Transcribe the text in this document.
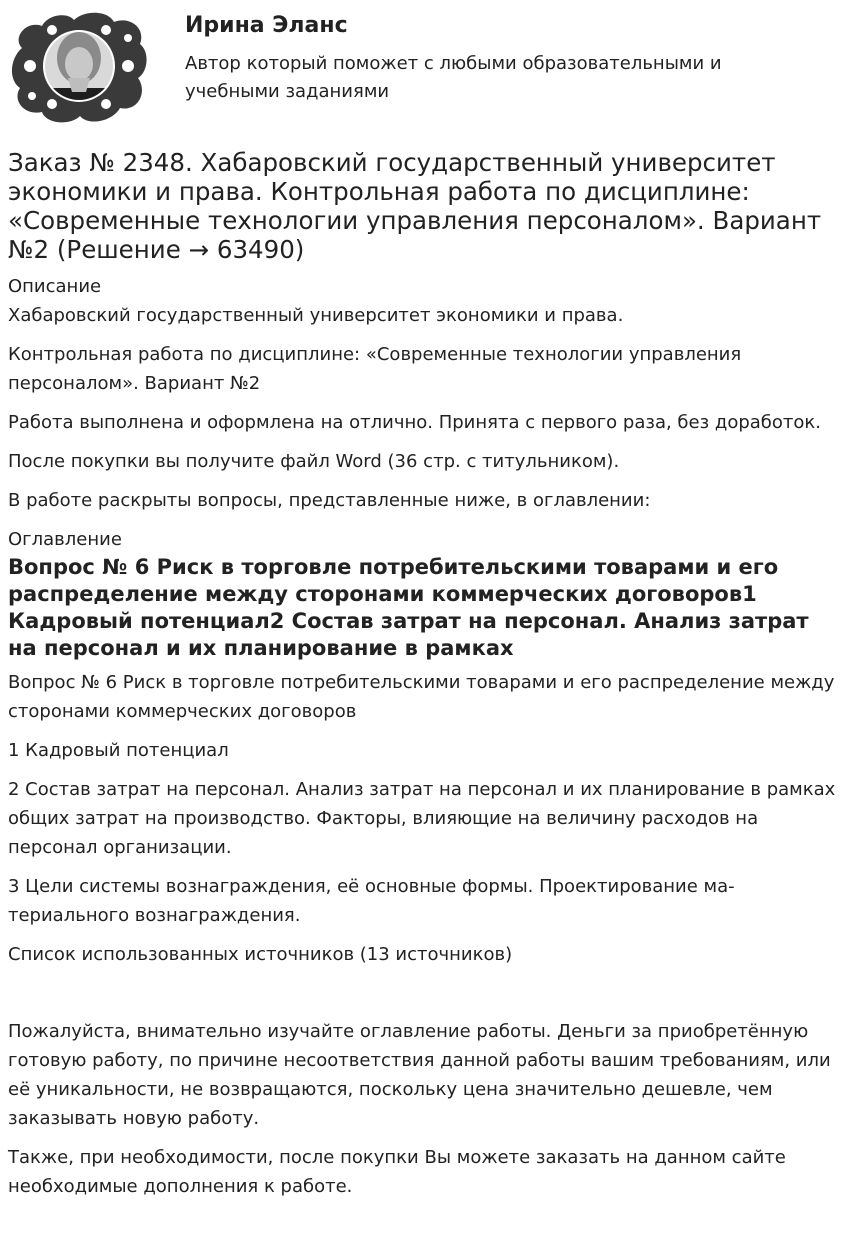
Ирина Эланс
Автор который поможет с любыми образовательными и учебными заданиями
Заказ № 2348. Хабаровский государственный университет экономики и права. Контрольная работа по дисциплине: «Современные технологии управления персоналом». Вариант №2 (Решение → 63490)

Описание

Хабаровский государственный университет экономики и права.

Контрольная работа по дисциплине: «Современные технологии управления персоналом». Вариант №2

Работа выполнена и оформлена на отлично. Принята с первого раза, без доработок.

После покупки вы получите файл Word (36 стр. с титульником).

В работе раскрыты вопросы, представленные ниже, в оглавлении:

Оглавление

Вопрос № 6 Риск в торговле потребительскими товарами и его распределение между сторонами коммерческих договоров1 Кадровый потенциал2 Состав затрат на персонал. Анализ затрат на персонал и их планирование в рамках

Вопрос № 6 Риск в торговле потребительскими товарами и его распределение между сторонами коммерческих договоров

1 Кадровый потенциал

2 Состав затрат на персонал. Анализ затрат на персонал и их планирование в рамках общих затрат на производство. Факторы, влияющие на величину расходов на персонал организации.

3 Цели системы вознаграждения, её основные формы. Проектирование материального вознаграждения.

Список использованных источников (13 источников)

Пожалуйста, внимательно изучайте оглавление работы. Деньги за приобретённую готовую работу, по причине несоответствия данной работы вашим требованиям, или её уникальности, не возвращаются, поскольку цена значительно дешевле, чем заказывать новую работу.

Также, при необходимости, после покупки Вы можете заказать на данном сайте необходимые дополнения к работе.
